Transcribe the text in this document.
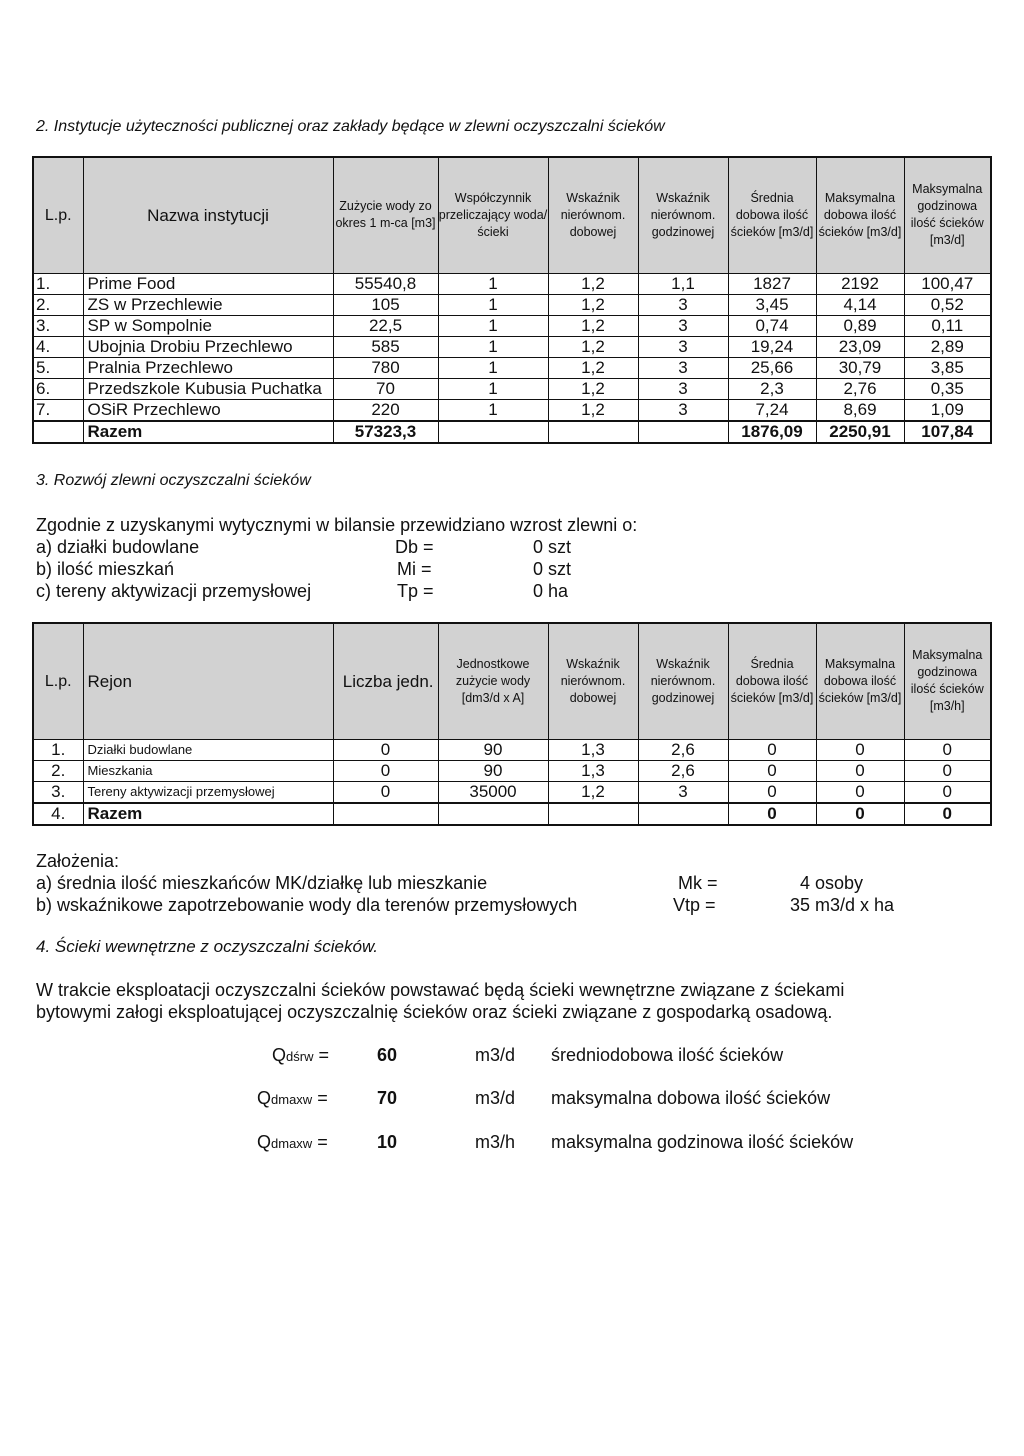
2. Instytucje użyteczności publicznej oraz zakłady będące w zlewni oczyszczalni ścieków
L.p.	Nazwa instytucji	Zużycie wody zo okres 1 m-ca [m3]	Współczynnik przeliczający woda/ścieki	Wskaźnik nierównom. dobowej	Wskaźnik nierównom. godzinowej	Średnia dobowa ilość ścieków [m3/d]	Maksymalna dobowa ilość ścieków [m3/d]	Maksymalna godzinowa ilość ścieków [m3/d]
1.	Prime Food	55540,8	1	1,2	1,1	1827	2192	100,47
2.	ZS w Przechlewie	105	1	1,2	3	3,45	4,14	0,52
3.	SP w Sompolnie	22,5	1	1,2	3	0,74	0,89	0,11
4.	Ubojnia Drobiu Przechlewo	585	1	1,2	3	19,24	23,09	2,89
5.	Pralnia Przechlewo	780	1	1,2	3	25,66	30,79	3,85
6.	Przedszkole Kubusia Puchatka	70	1	1,2	3	2,3	2,76	0,35
7.	OSiR Przechlewo	220	1	1,2	3	7,24	8,69	1,09
	Razem	57323,3				1876,09	2250,91	107,84
3. Rozwój zlewni oczyszczalni ścieków
Zgodnie z uzyskanymi wytycznymi w bilansie przewidziano wzrost zlewni o:
a) działki budowlane	Db =	0 szt
b) ilość mieszkań	Mi =	0 szt
c) tereny aktywizacji przemysłowej	Tp =	0 ha
L.p.	Rejon	Liczba jedn.	Jednostkowe zużycie wody [dm3/d x A]	Wskaźnik nierównom. dobowej	Wskaźnik nierównom. godzinowej	Średnia dobowa ilość ścieków [m3/d]	Maksymalna dobowa ilość ścieków [m3/d]	Maksymalna godzinowa ilość ścieków [m3/h]
1.	Działki budowlane	0	90	1,3	2,6	0	0	0
2.	Mieszkania	0	90	1,3	2,6	0	0	0
3.	Tereny aktywizacji przemysłowej	0	35000	1,2	3	0	0	0
4.	Razem					0	0	0
Założenia:
a) średnia ilość mieszkańców MK/działkę lub mieszkanie	Mk =	4 osoby
b) wskaźnikowe zapotrzebowanie wody dla terenów przemysłowych	Vtp =	35 m3/d x ha
4. Ścieki wewnętrzne z oczyszczalni ścieków.
W trakcie eksploatacji oczyszczalni ścieków powstawać będą ścieki wewnętrzne związane z ściekami
bytowymi załogi eksploatującej oczyszczalnię ścieków oraz ścieki związane z gospodarką osadową.
Qdśrw =	60	m3/d średniodobowa ilość ścieków
Qdmaxw =	70	m3/d maksymalna dobowa ilość ścieków
Qdmaxw =	10	m3/h maksymalna godzinowa ilość ścieków
